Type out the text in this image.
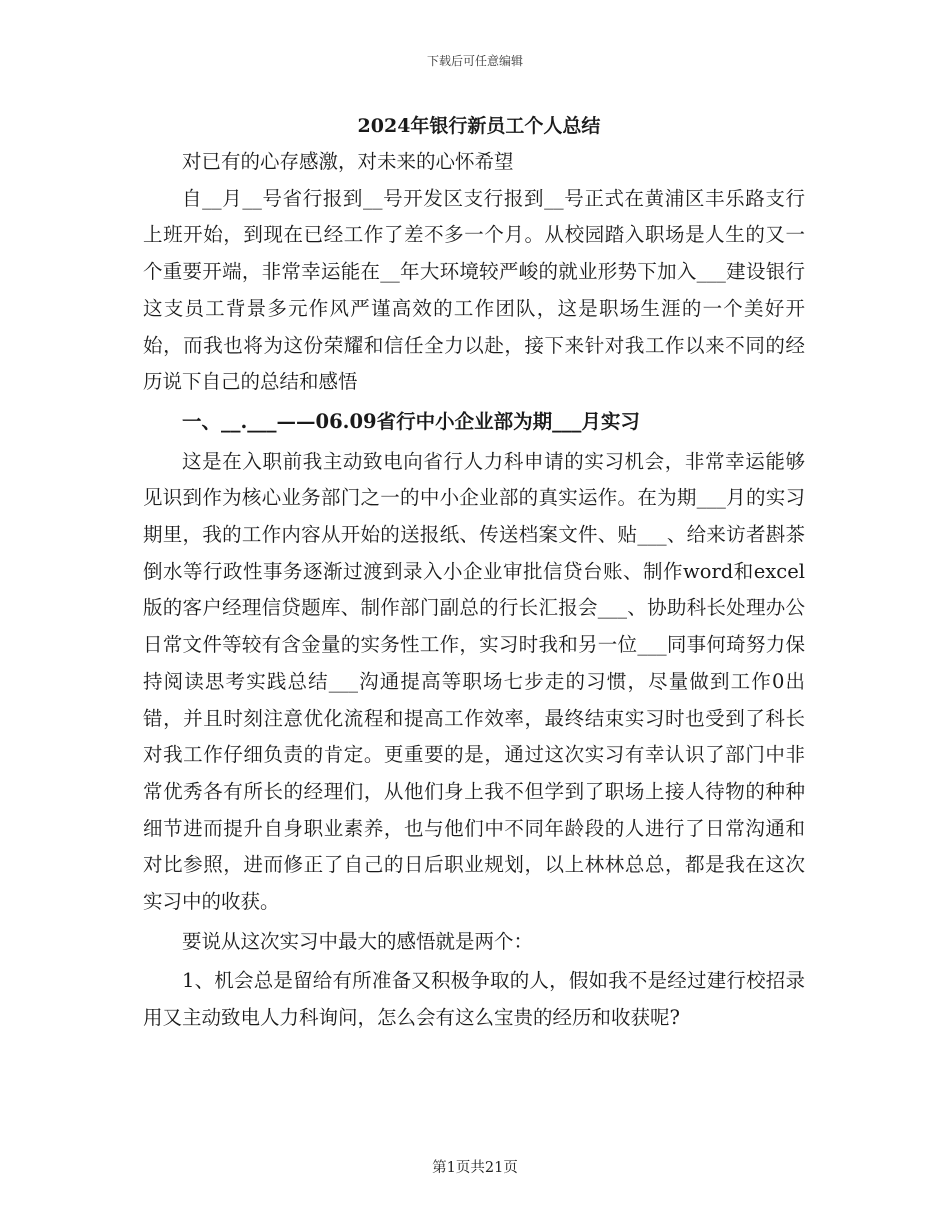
下载后可任意编辑
2024年银行新员工个人总结

对已有的心存感激，对未来的心怀希望

自__月__号省行报到__号开发区支行报到__号正式在黄浦区丰乐路支行上班开始，到现在已经工作了差不多一个月。从校园踏入职场是人生的又一个重要开端，非常幸运能在__年大环境较严峻的就业形势下加入___建设银行这支员工背景多元作风严谨高效的工作团队，这是职场生涯的一个美好开始，而我也将为这份荣耀和信任全力以赴，接下来针对我工作以来不同的经历说下自己的总结和感悟

一、__.___——06.09省行中小企业部为期___月实习

这是在入职前我主动致电向省行人力科申请的实习机会，非常幸运能够见识到作为核心业务部门之一的中小企业部的真实运作。在为期___月的实习期里，我的工作内容从开始的送报纸、传送档案文件、贴___、给来访者斟茶倒水等行政性事务逐渐过渡到录入小企业审批信贷台账、制作word和excel版的客户经理信贷题库、制作部门副总的行长汇报会___、协助科长处理办公日常文件等较有含金量的实务性工作，实习时我和另一位___同事何琦努力保持阅读思考实践总结___沟通提高等职场七步走的习惯，尽量做到工作0出错，并且时刻注意优化流程和提高工作效率，最终结束实习时也受到了科长对我工作仔细负责的肯定。更重要的是，通过这次实习有幸认识了部门中非常优秀各有所长的经理们，从他们身上我不但学到了职场上接人待物的种种细节进而提升自身职业素养，也与他们中不同年龄段的人进行了日常沟通和对比参照，进而修正了自己的日后职业规划，以上林林总总，都是我在这次实习中的收获。

要说从这次实习中最大的感悟就是两个：

1、机会总是留给有所准备又积极争取的人，假如我不是经过建行校招录用又主动致电人力科询问，怎么会有这么宝贵的经历和收获呢?

第1页共21页
